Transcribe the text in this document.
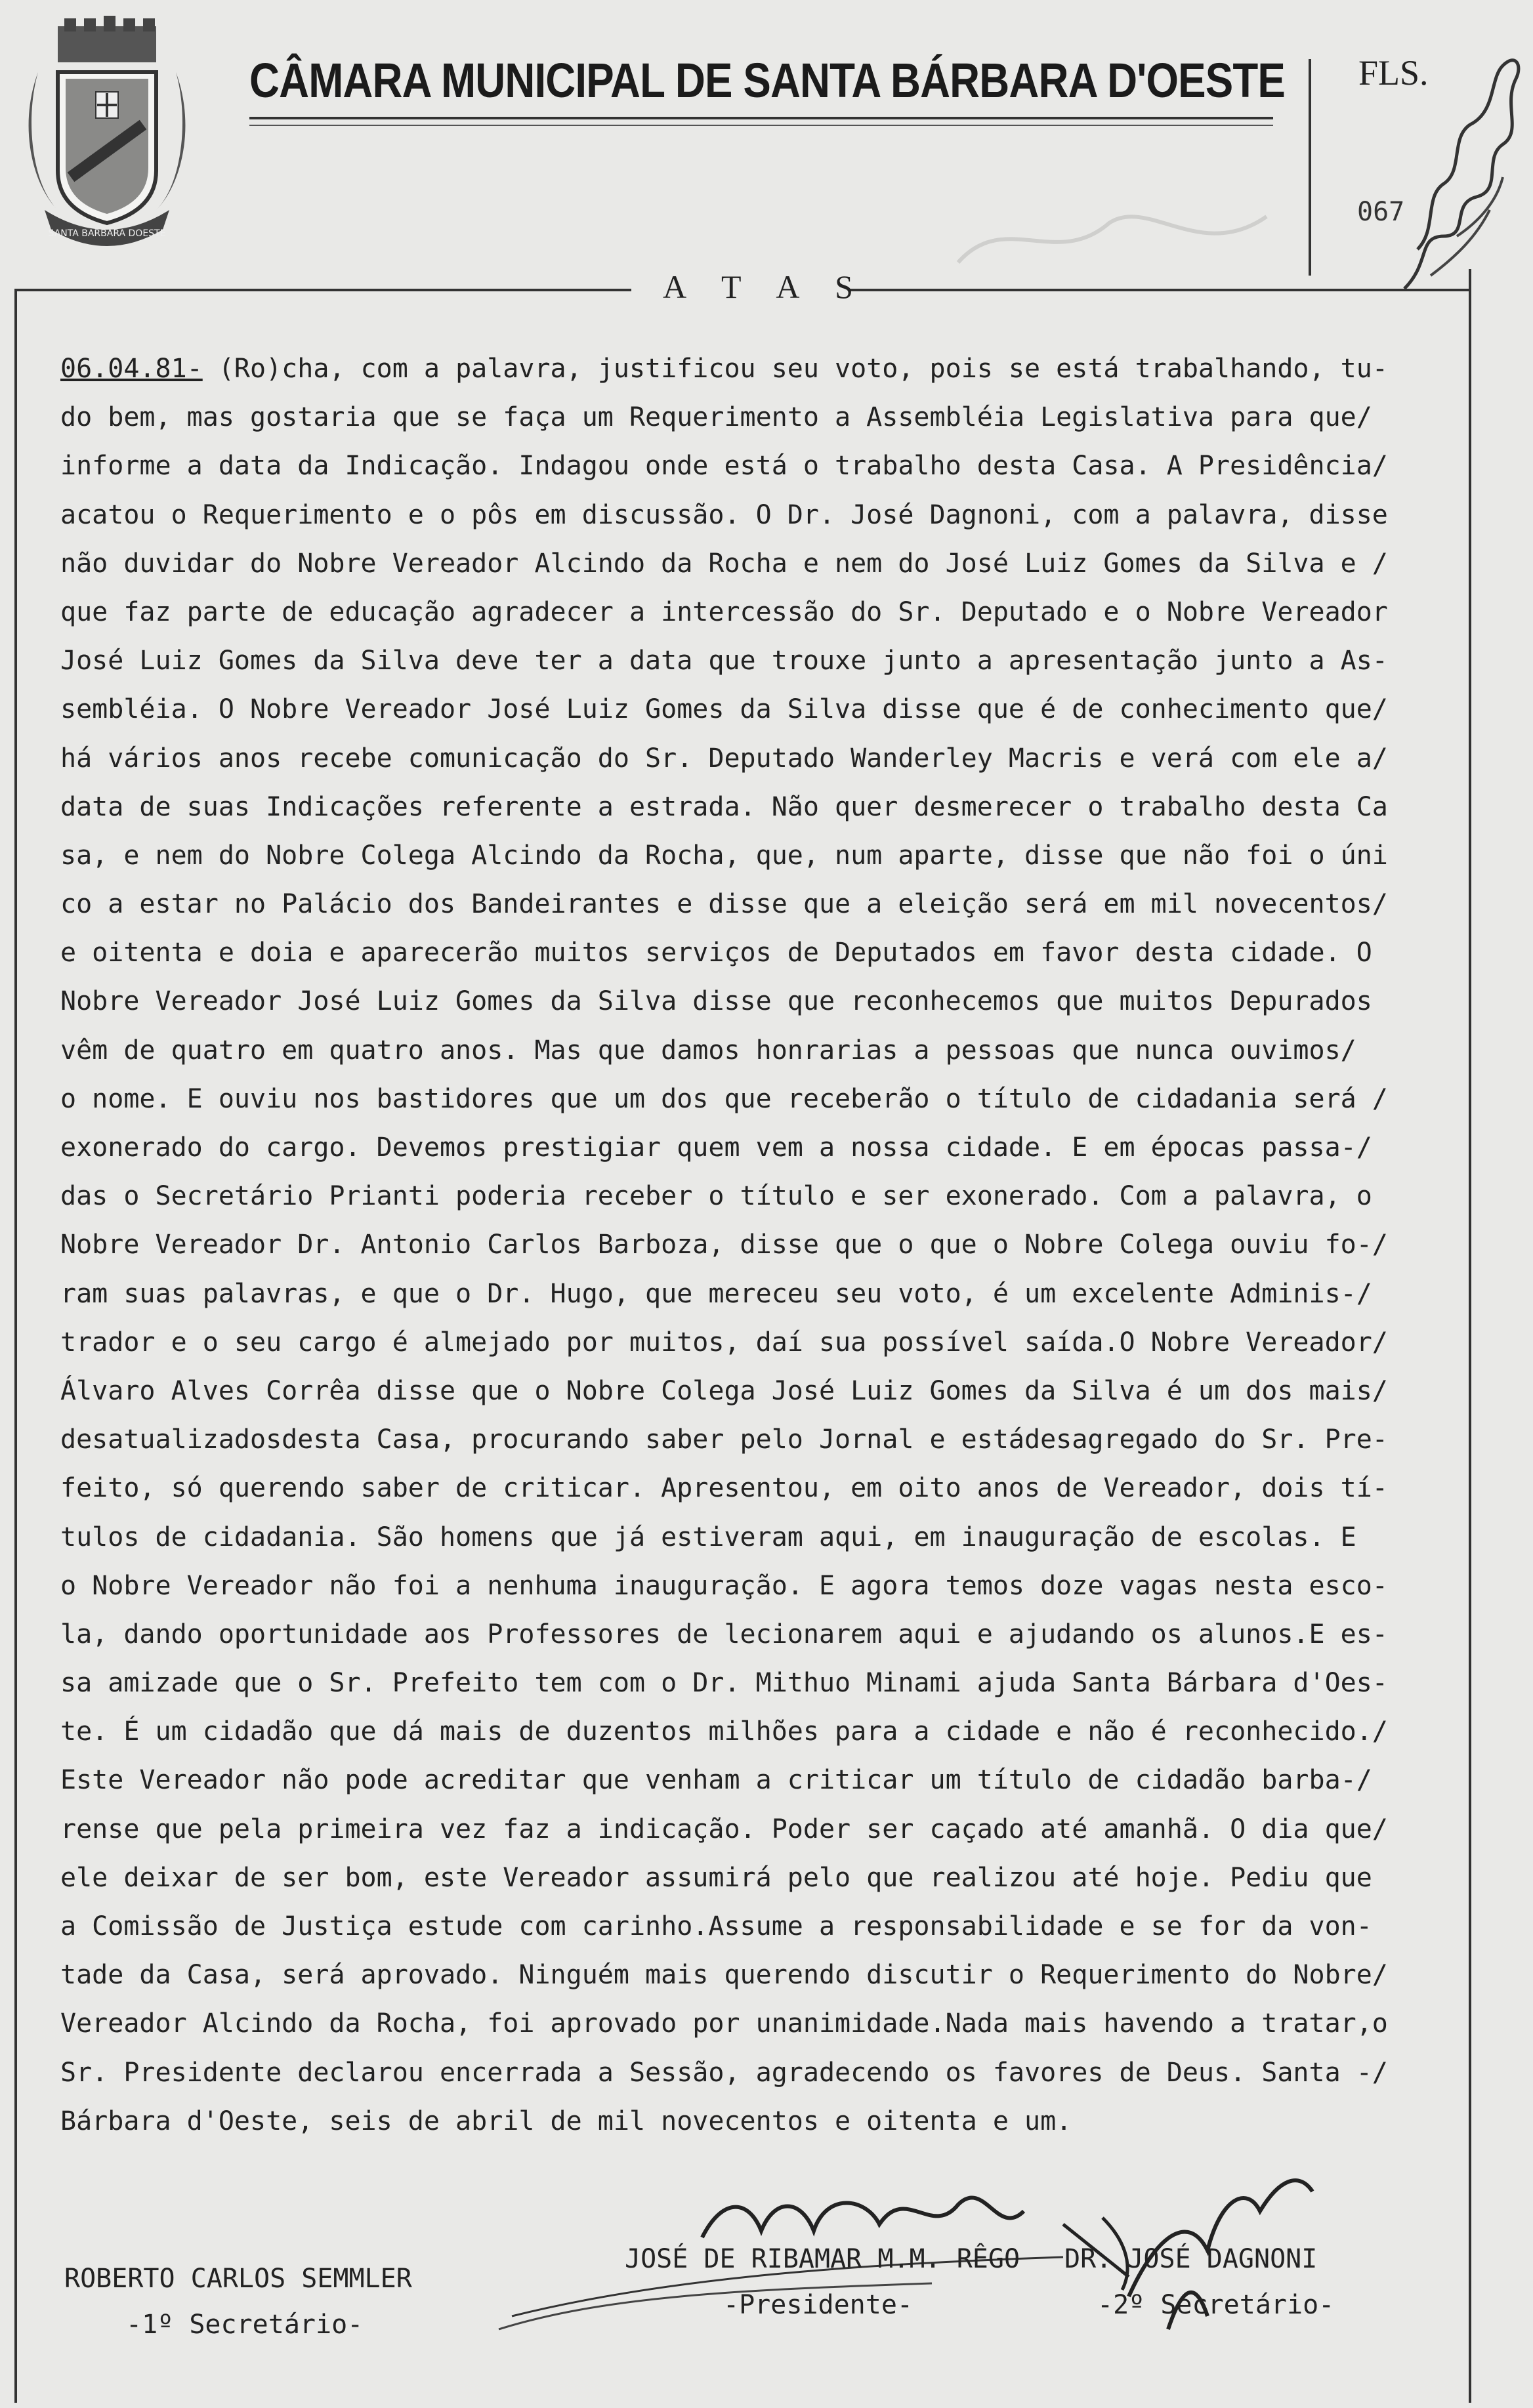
SANTA BARBARA DOESTE
CÂMARA MUNICIPAL DE SANTA BÁRBARA D'OESTE FLS.
067
A T A S
06.04.81- (Ro)cha, com a palavra, justificou seu voto, pois se está trabalhando, tu-
do bem, mas gostaria que se faça um Requerimento a Assembléia Legislativa para que/
informe a data da Indicação. Indagou onde está o trabalho desta Casa. A Presidência/
acatou o Requerimento e o pôs em discussão. O Dr. José Dagnoni, com a palavra, disse
não duvidar do Nobre Vereador Alcindo da Rocha e nem do José Luiz Gomes da Silva e /
que faz parte de educação agradecer a intercessão do Sr. Deputado e o Nobre Vereador
José Luiz Gomes da Silva deve ter a data que trouxe junto a apresentação junto a As-
sembléia. O Nobre Vereador José Luiz Gomes da Silva disse que é de conhecimento que/
há vários anos recebe comunicação do Sr. Deputado Wanderley Macris e verá com ele a/
data de suas Indicações referente a estrada. Não quer desmerecer o trabalho desta Ca
sa, e nem do Nobre Colega Alcindo da Rocha, que, num aparte, disse que não foi o úni
co a estar no Palácio dos Bandeirantes e disse que a eleição será em mil novecentos/
e oitenta e doia e aparecerão muitos serviços de Deputados em favor desta cidade. O
Nobre Vereador José Luiz Gomes da Silva disse que reconhecemos que muitos Depurados
vêm de quatro em quatro anos. Mas que damos honrarias a pessoas que nunca ouvimos/
o nome. E ouviu nos bastidores que um dos que receberão o título de cidadania será /
exonerado do cargo. Devemos prestigiar quem vem a nossa cidade. E em épocas passa-/
das o Secretário Prianti poderia receber o título e ser exonerado. Com a palavra, o
Nobre Vereador Dr. Antonio Carlos Barboza, disse que o que o Nobre Colega ouviu fo-/
ram suas palavras, e que o Dr. Hugo, que mereceu seu voto, é um excelente Adminis-/
trador e o seu cargo é almejado por muitos, daí sua possível saída.O Nobre Vereador/
Álvaro Alves Corrêa disse que o Nobre Colega José Luiz Gomes da Silva é um dos mais/
desatualizadosdesta Casa, procurando saber pelo Jornal e estádesagregado do Sr. Pre-
feito, só querendo saber de criticar. Apresentou, em oito anos de Vereador, dois tí-
tulos de cidadania. São homens que já estiveram aqui, em inauguração de escolas. E
o Nobre Vereador não foi a nenhuma inauguração. E agora temos doze vagas nesta esco-
la, dando oportunidade aos Professores de lecionarem aqui e ajudando os alunos.E es-
sa amizade que o Sr. Prefeito tem com o Dr. Mithuo Minami ajuda Santa Bárbara d'Oes-
te. É um cidadão que dá mais de duzentos milhões para a cidade e não é reconhecido./
Este Vereador não pode acreditar que venham a criticar um título de cidadão barba-/
rense que pela primeira vez faz a indicação. Poder ser caçado até amanhã. O dia que/
ele deixar de ser bom, este Vereador assumirá pelo que realizou até hoje. Pediu que
a Comissão de Justiça estude com carinho.Assume a responsabilidade e se for da von-
tade da Casa, será aprovado. Ninguém mais querendo discutir o Requerimento do Nobre/
Vereador Alcindo da Rocha, foi aprovado por unanimidade.Nada mais havendo a tratar,o
Sr. Presidente declarou encerrada a Sessão, agradecendo os favores de Deus. Santa -/
Bárbara d'Oeste, seis de abril de mil novecentos e oitenta e um.
ROBERTO CARLOS SEMMLER
-1º Secretário-
JOSÉ DE RIBAMAR M.M. RÊGO
-Presidente-
DR. JOSÉ DAGNONI
-2º Secretário-
